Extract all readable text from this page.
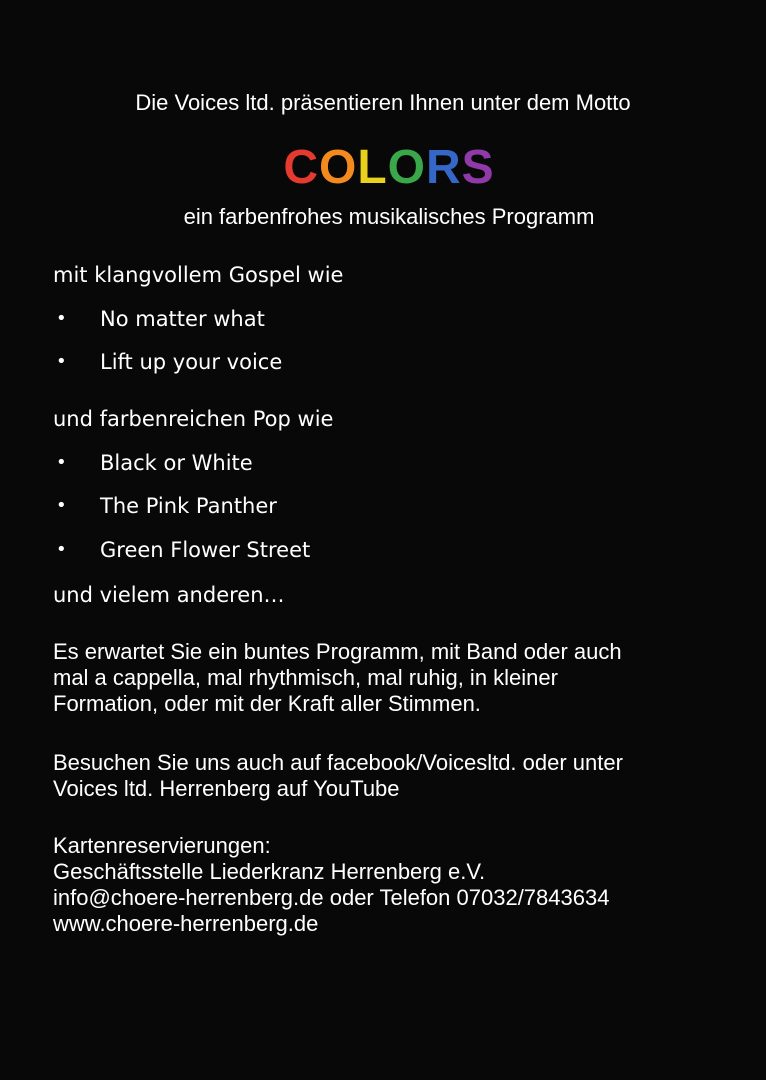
Die Voices ltd. präsentieren Ihnen unter dem Motto
COLORS
ein farbenfrohes musikalisches Programm
mit klangvollem Gospel wie
• No matter what
• Lift up your voice
und farbenreichen Pop wie
• Black or White
• The Pink Panther
• Green Flower Street
und vielem anderen…
Es erwartet Sie ein buntes Programm, mit Band oder auch
mal a cappella, mal rhythmisch, mal ruhig, in kleiner
Formation, oder mit der Kraft aller Stimmen.
Besuchen Sie uns auch auf facebook/Voicesltd. oder unter
Voices ltd. Herrenberg auf YouTube
Kartenreservierungen:
Geschäftsstelle Liederkranz Herrenberg e.V.
info@choere-herrenberg.de oder Telefon 07032/7843634
www.choere-herrenberg.de
